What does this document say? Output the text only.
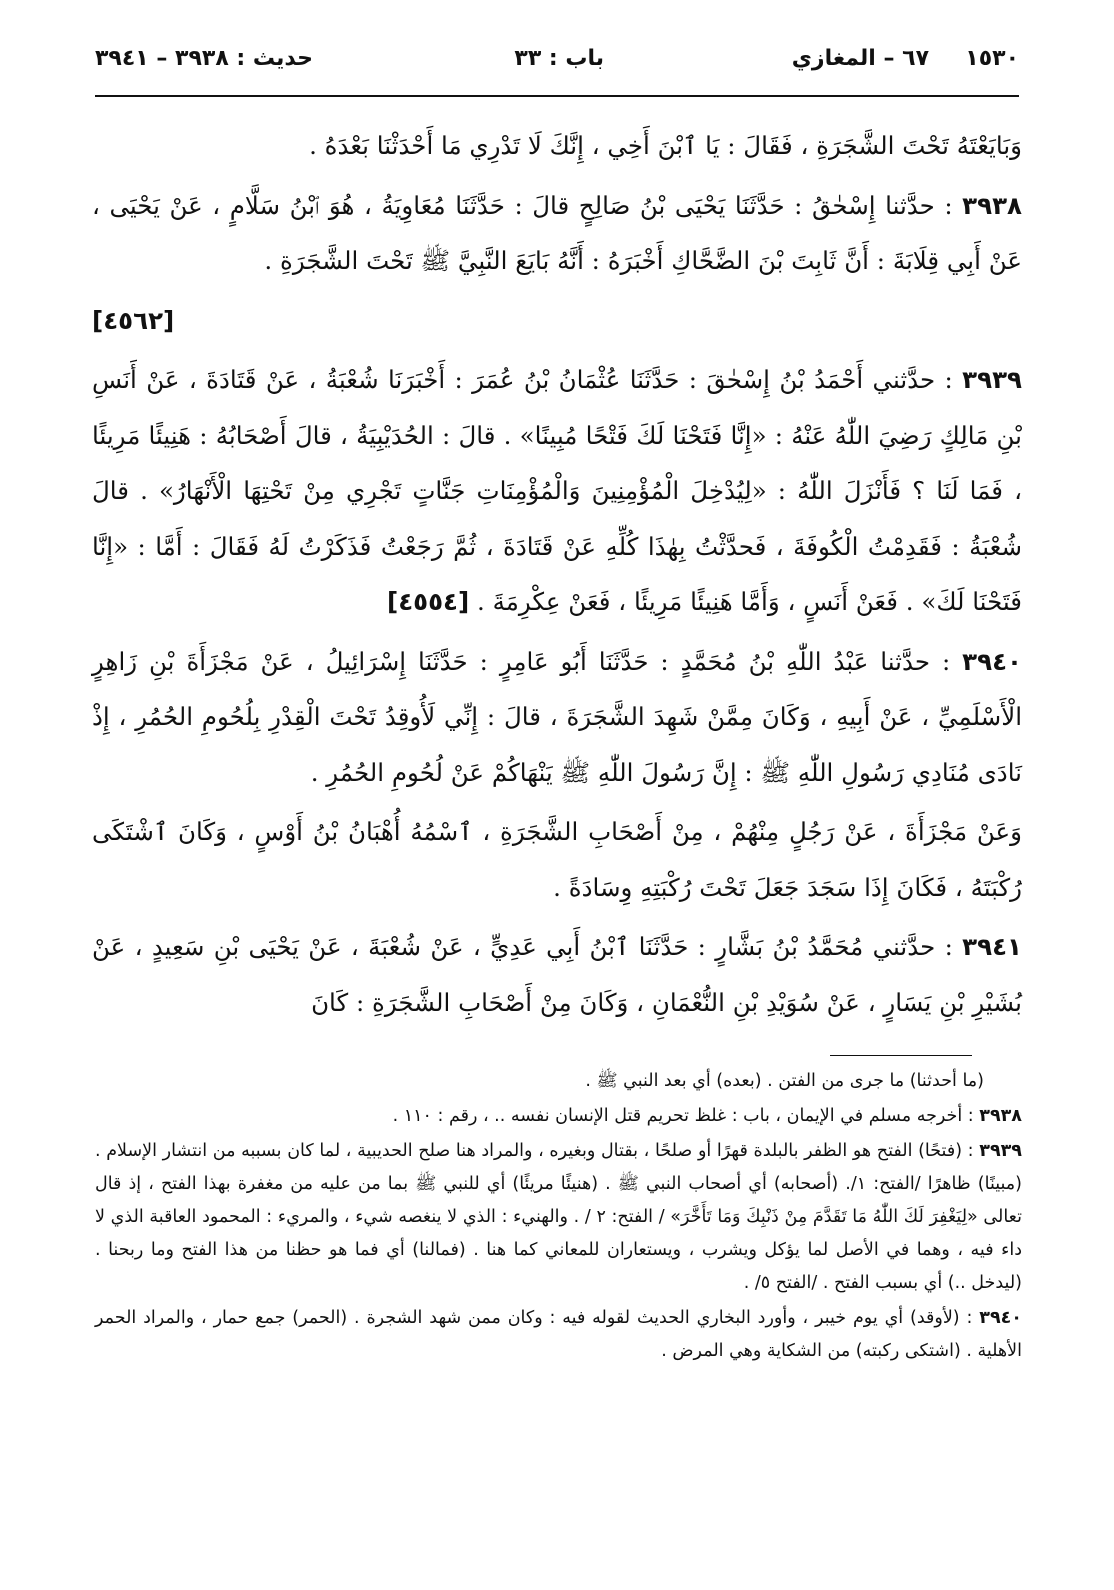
١٥٣٠
٦٧ – المغازي
باب : ٣٣
حديث : ٣٩٣٨ – ٣٩٤١

وَبَايَعْتَهُ تَحْتَ الشَّجَرَةِ ، فَقَالَ : يَا ٱبْنَ أَخِي ، إِنَّكَ لَا تَدْرِي مَا أَحْدَثْنَا بَعْدَهُ .

٣٩٣٨ : حدَّثنا إِسْحٰقُ : حَدَّثَنَا يَحْيَى بْنُ صَالِحٍ قالَ : حَدَّثَنَا مُعَاوِيَةُ ، هُوَ ٱبْنُ سَلَّامٍ ، عَنْ يَحْيَى ، عَنْ أَبِي قِلَابَةَ : أَنَّ ثَابِتَ بْنَ الضَّحَّاكِ أَخْبَرَهُ : أَنَّهُ بَايَعَ النَّبِيَّ ﷺ تَحْتَ الشَّجَرَةِ .

[٤٥٦٢]

٣٩٣٩ : حدَّثني أَحْمَدُ بْنُ إِسْحٰقَ : حَدَّثَنَا عُثْمَانُ بْنُ عُمَرَ : أَخْبَرَنَا شُعْبَةُ ، عَنْ قَتَادَةَ ، عَنْ أَنَسِ بْنِ مَالِكٍ رَضِيَ اللّٰهُ عَنْهُ : «إِنَّا فَتَحْنَا لَكَ فَتْحًا مُبِينًا» . قالَ : الحُدَيْبِيَةُ ، قالَ أَصْحَابُهُ : هَنِيئًا مَرِيئًا ، فَمَا لَنَا ؟ فَأَنْزَلَ اللّٰهُ : «لِيُدْخِلَ الْمُؤْمِنِينَ وَالْمُؤْمِنَاتِ جَنَّاتٍ تَجْرِي مِنْ تَحْتِهَا الْأَنْهَارُ» . قالَ شُعْبَةُ : فَقَدِمْتُ الْكُوفَةَ ، فَحدَّثْتُ بِهٰذَا كُلِّهِ عَنْ قَتَادَةَ ، ثُمَّ رَجَعْتُ فَذَكَرْتُ لَهُ فَقَالَ : أَمَّا : «إِنَّا فَتَحْنَا لَكَ» . فَعَنْ أَنَسٍ ، وَأَمَّا هَنِيئًا مَرِيئًا ، فَعَنْ عِكْرِمَةَ . [٤٥٥٤]

٣٩٤٠ : حدَّثنا عَبْدُ اللّٰهِ بْنُ مُحَمَّدٍ : حَدَّثَنَا أَبُو عَامِرٍ : حَدَّثَنَا إِسْرَائِيلُ ، عَنْ مَجْزَأَةَ بْنِ زَاهِرٍ الْأَسْلَمِيِّ ، عَنْ أَبِيهِ ، وَكَانَ مِمَّنْ شَهِدَ الشَّجَرَةَ ، قالَ : إِنِّي لَأُوقِدُ تَحْتَ الْقِدْرِ بِلُحُومِ الحُمُرِ ، إِذْ نَادَى مُنَادِي رَسُولِ اللّٰهِ ﷺ : إِنَّ رَسُولَ اللّٰهِ ﷺ يَنْهَاكُمْ عَنْ لُحُومِ الحُمُرِ .

وَعَنْ مَجْزَأَةَ ، عَنْ رَجُلٍ مِنْهُمْ ، مِنْ أَصْحَابِ الشَّجَرَةِ ، ٱسْمُهُ أُهْبَانُ بْنُ أَوْسٍ ، وَكَانَ ٱشْتَكَى رُكْبَتَهُ ، فَكَانَ إِذَا سَجَدَ جَعَلَ تَحْتَ رُكْبَتِهِ وِسَادَةً .

٣٩٤١ : حدَّثني مُحَمَّدُ بْنُ بَشَّارٍ : حَدَّثَنَا ٱبْنُ أَبِي عَدِيٍّ ، عَنْ شُعْبَةَ ، عَنْ يَحْيَى بْنِ سَعِيدٍ ، عَنْ بُشَيْرِ بْنِ يَسَارٍ ، عَنْ سُوَيْدِ بْنِ النُّعْمَانِ ، وَكَانَ مِنْ أَصْحَابِ الشَّجَرَةِ : كَانَ

(ما أحدثنا) ما جرى من الفتن . (بعده) أي بعد النبي ﷺ .

٣٩٣٨ : أخرجه مسلم في الإيمان ، باب : غلظ تحريم قتل الإنسان نفسه .. ، رقم : ١١٠ .

٣٩٣٩ : (فتحًا) الفتح هو الظفر بالبلدة قهرًا أو صلحًا ، بقتال وبغيره ، والمراد هنا صلح الحديبية ، لما كان بسببه من انتشار الإسلام . (مبينًا) ظاهرًا /الفتح: ١/. (أصحابه) أي أصحاب النبي ﷺ . (هنيئًا مريئًا) أي للنبي ﷺ بما من عليه من مغفرة بهذا الفتح ، إذ قال تعالى «لِيَغْفِرَ لَكَ اللّٰهُ مَا تَقَدَّمَ مِنْ ذَنْبِكَ وَمَا تَأَخَّرَ» / الفتح: ٢ / . والهنيء : الذي لا ينغصه شيء ، والمريء : المحمود العاقبة الذي لا داء فيه ، وهما في الأصل لما يؤكل ويشرب ، ويستعاران للمعاني كما هنا . (فمالنا) أي فما هو حظنا من هذا الفتح وما ربحنا . (ليدخل ..) أي بسبب الفتح . /الفتح ٥/ .

٣٩٤٠ : (لأوقد) أي يوم خيبر ، وأورد البخاري الحديث لقوله فيه : وكان ممن شهد الشجرة . (الحمر) جمع حمار ، والمراد الحمر الأهلية . (اشتكى ركبته) من الشكاية وهي المرض .
